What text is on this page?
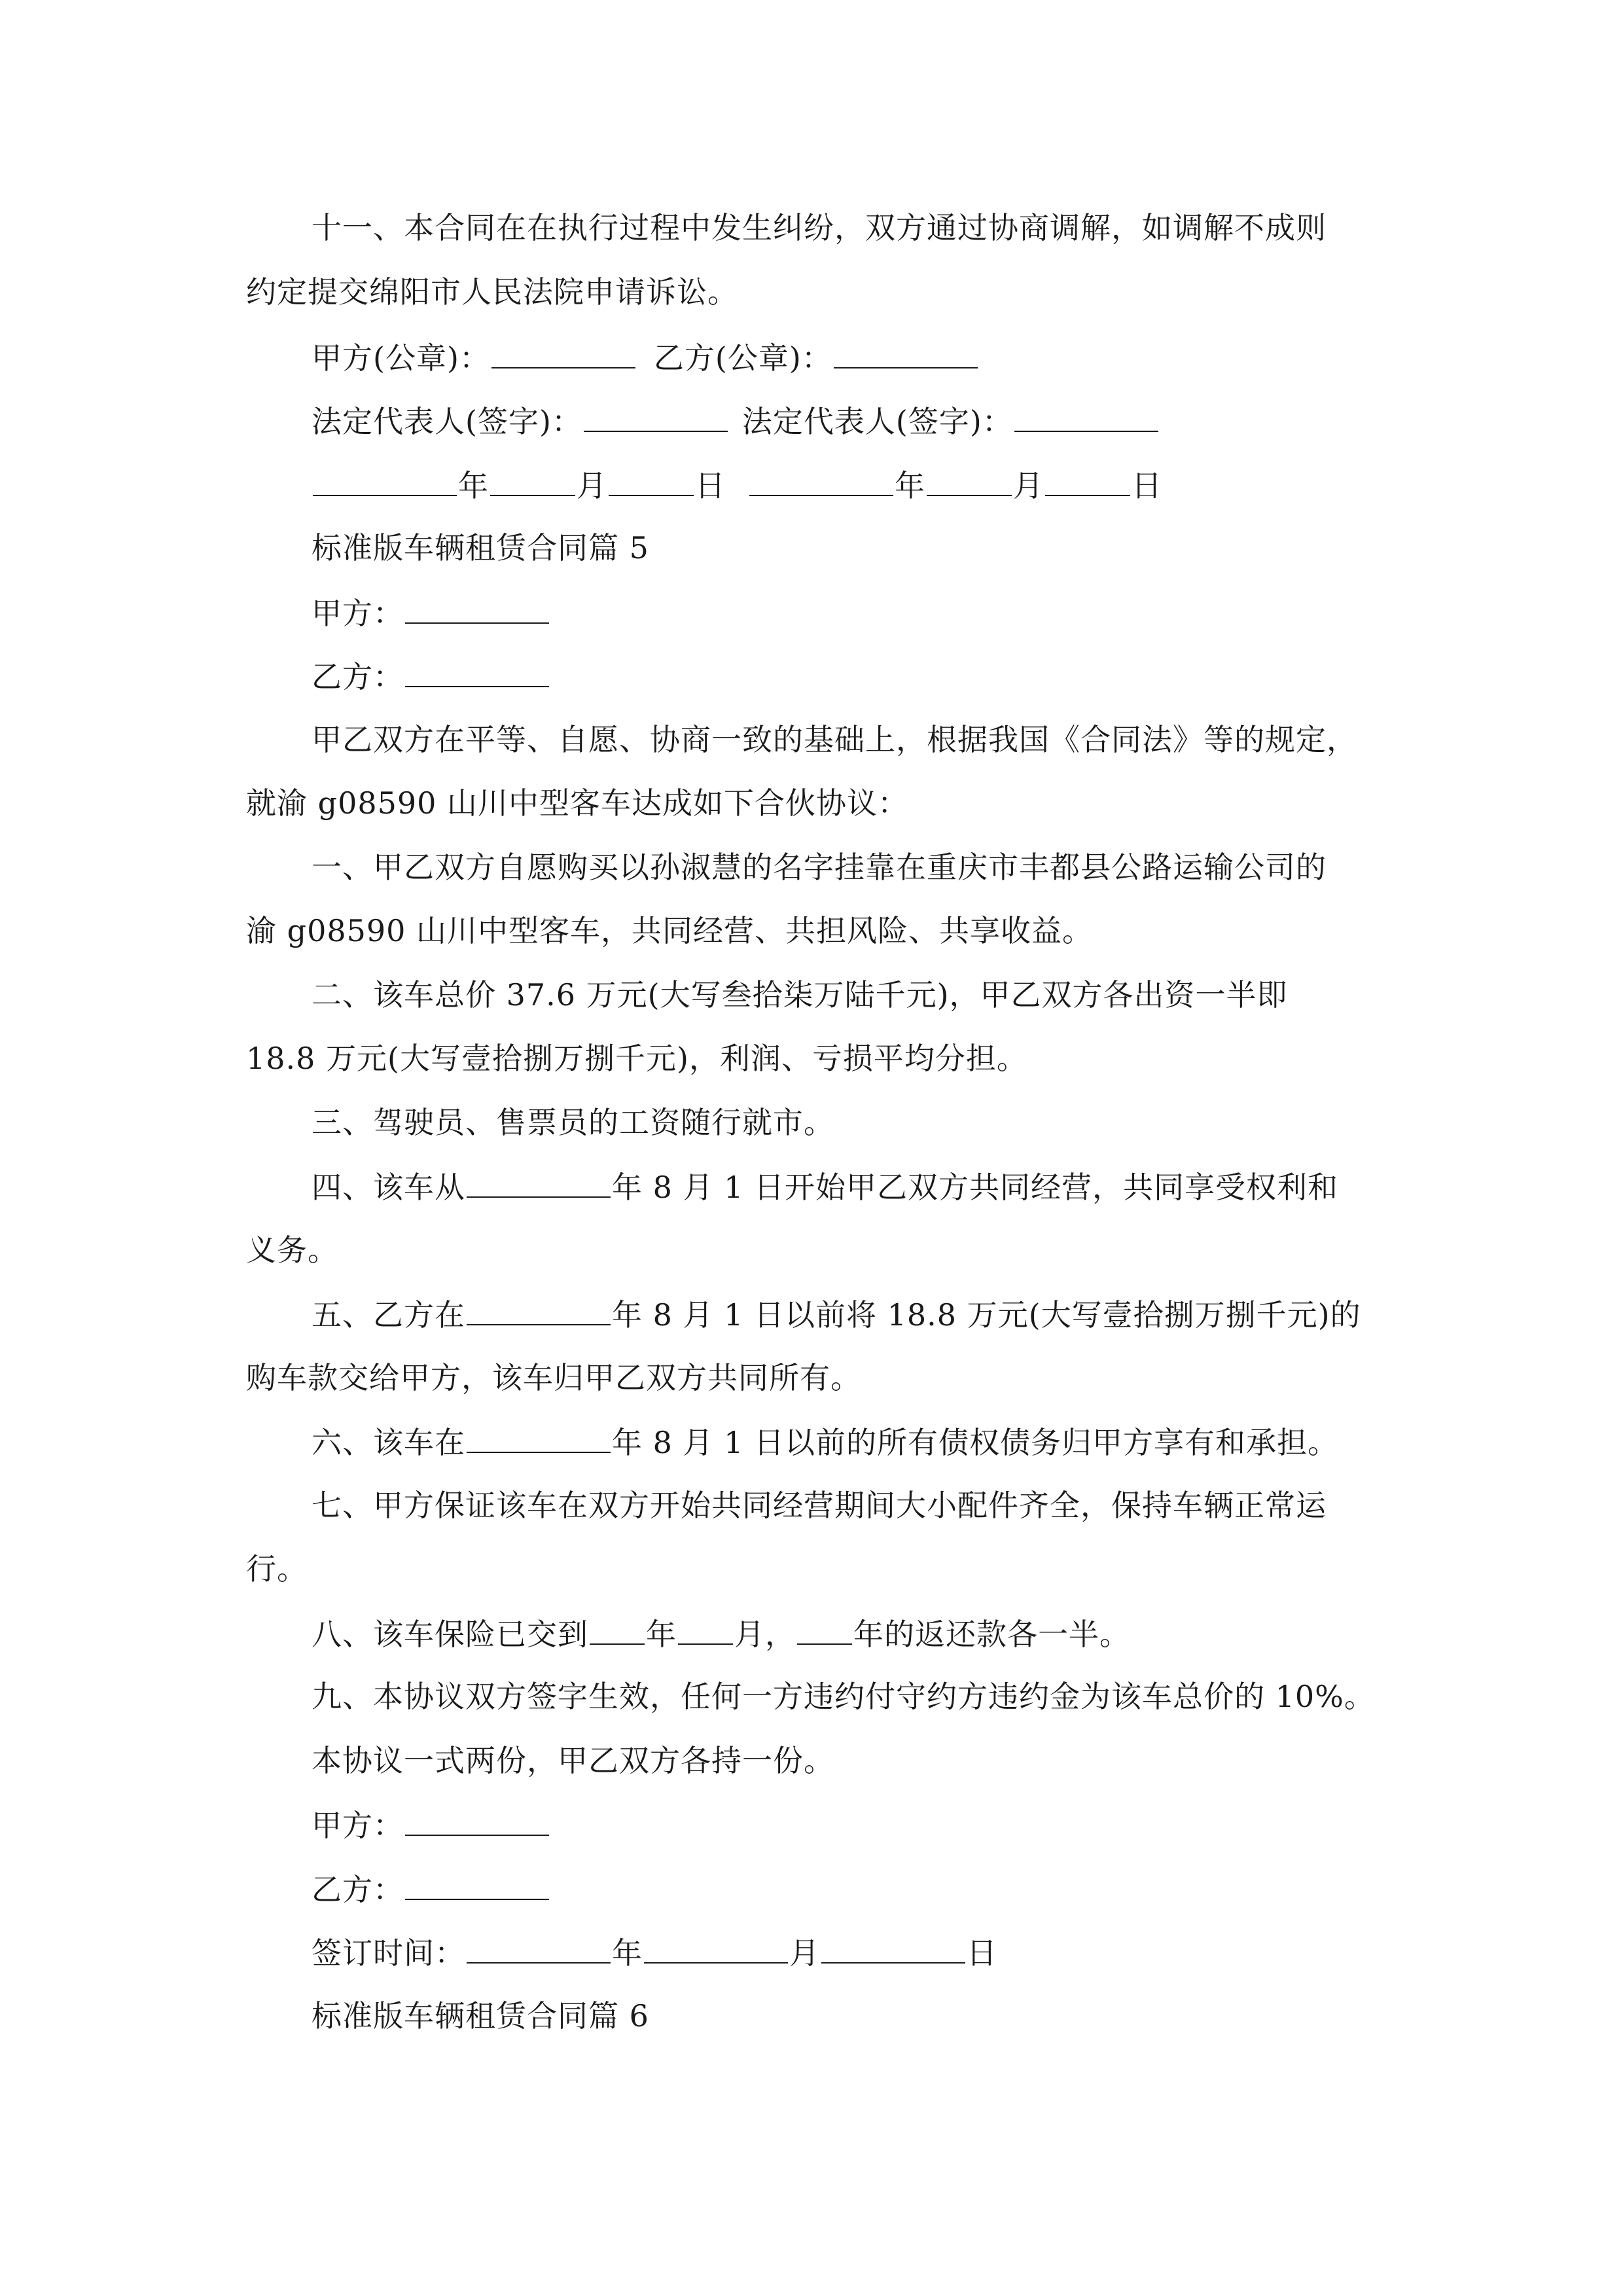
十一、本合同在在执行过程中发生纠纷，双方通过协商调解，如调解不成则
约定提交绵阳市人民法院申请诉讼。
甲方(公章)：	乙方(公章)：
法定代表人(签字)：	法定代表人(签字)：
年	月	日	年	月	日
标准版车辆租赁合同篇 5
甲方：
乙方：
甲乙双方在平等、自愿、协商一致的基础上，根据我国《合同法》等的规定，
就渝 g08590 山川中型客车达成如下合伙协议：
一、甲乙双方自愿购买以孙淑慧的名字挂靠在重庆市丰都县公路运输公司的
渝 g08590 山川中型客车，共同经营、共担风险、共享收益。
二、该车总价 37.6 万元(大写叁拾柒万陆千元)，甲乙双方各出资一半即
18.8 万元(大写壹拾捌万捌千元)，利润、亏损平均分担。
三、驾驶员、售票员的工资随行就市。
四、该车从	年 8 月 1 日开始甲乙双方共同经营，共同享受权利和
义务。
五、乙方在	年 8 月 1 日以前将 18.8 万元(大写壹拾捌万捌千元)的
购车款交给甲方，该车归甲乙双方共同所有。
六、该车在	年 8 月 1 日以前的所有债权债务归甲方享有和承担。
七、甲方保证该车在双方开始共同经营期间大小配件齐全，保持车辆正常运
行。
八、该车保险已交到 年 月， 年的返还款各一半。
九、本协议双方签字生效，任何一方违约付守约方违约金为该车总价的 10%。
本协议一式两份，甲乙双方各持一份。
甲方：
乙方：
签订时间：	年	月	日
标准版车辆租赁合同篇 6
